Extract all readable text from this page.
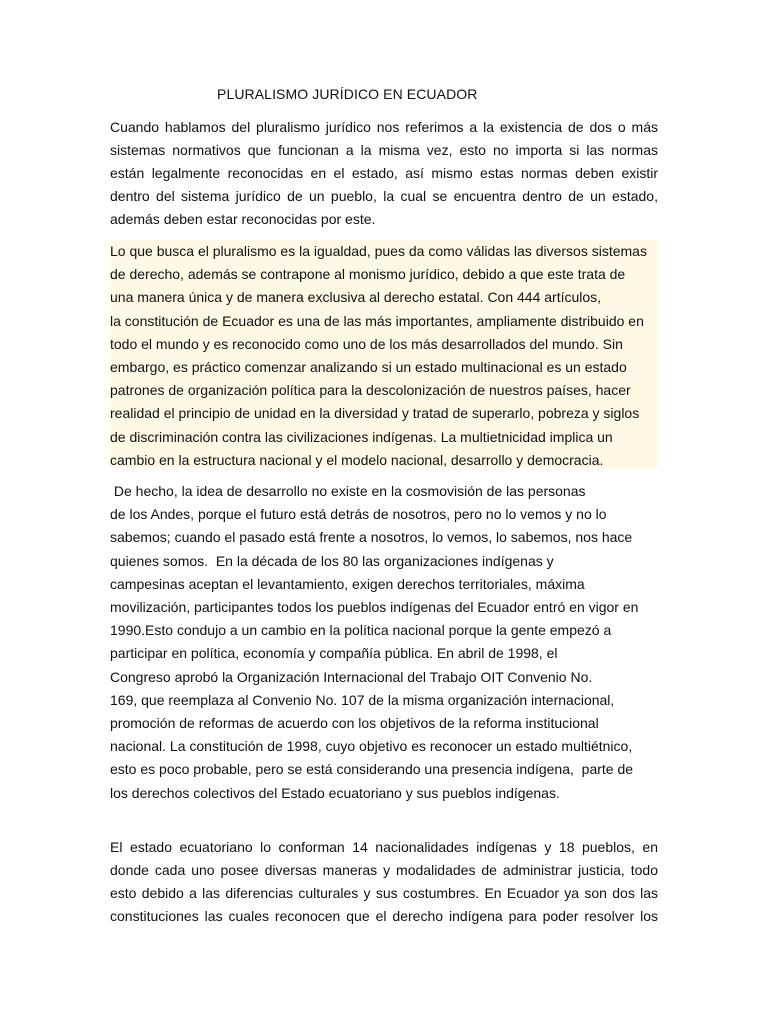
PLURALISMO JURÍDICO EN ECUADOR
Cuando hablamos del pluralismo jurídico nos referimos a la existencia de dos o más
sistemas normativos que funcionan a la misma vez, esto no importa si las normas
están legalmente reconocidas en el estado, así mismo estas normas deben existir
dentro del sistema jurídico de un pueblo, la cual se encuentra dentro de un estado,
además deben estar reconocidas por este.
Lo que busca el pluralismo es la igualdad, pues da como válidas las diversos sistemas
de derecho, además se contrapone al monismo jurídico, debido a que este trata de
una manera única y de manera exclusiva al derecho estatal. Con 444 artículos,
la constitución de Ecuador es una de las más importantes, ampliamente distribuido en
todo el mundo y es reconocido como uno de los más desarrollados del mundo. Sin
embargo, es práctico comenzar analizando si un estado multinacional es un estado
patrones de organización política para la descolonización de nuestros países, hacer
realidad el principio de unidad en la diversidad y tratad de superarlo, pobreza y siglos
de discriminación contra las civilizaciones indígenas. La multietnicidad implica un
cambio en la estructura nacional y el modelo nacional, desarrollo y democracia.
De hecho, la idea de desarrollo no existe en la cosmovisión de las personas
de los Andes, porque el futuro está detrás de nosotros, pero no lo vemos y no lo
sabemos; cuando el pasado está frente a nosotros, lo vemos, lo sabemos, nos hace
quienes somos.  En la década de los 80 las organizaciones indígenas y
campesinas aceptan el levantamiento, exigen derechos territoriales, máxima
movilización, participantes todos los pueblos indígenas del Ecuador entró en vigor en
1990.Esto condujo a un cambio en la política nacional porque la gente empezó a
participar en política, economía y compañía pública. En abril de 1998, el
Congreso aprobó la Organización Internacional del Trabajo OIT Convenio No.
169, que reemplaza al Convenio No. 107 de la misma organización internacional,
promoción de reformas de acuerdo con los objetivos de la reforma institucional
nacional. La constitución de 1998, cuyo objetivo es reconocer un estado multiétnico,
esto es poco probable, pero se está considerando una presencia indígena,  parte de
los derechos colectivos del Estado ecuatoriano y sus pueblos indígenas.
El estado ecuatoriano lo conforman 14 nacionalidades indígenas y 18 pueblos, en
donde cada uno posee diversas maneras y modalidades de administrar justicia, todo
esto debido a las diferencias culturales y sus costumbres. En Ecuador ya son dos las
constituciones las cuales reconocen que el derecho indígena para poder resolver los
